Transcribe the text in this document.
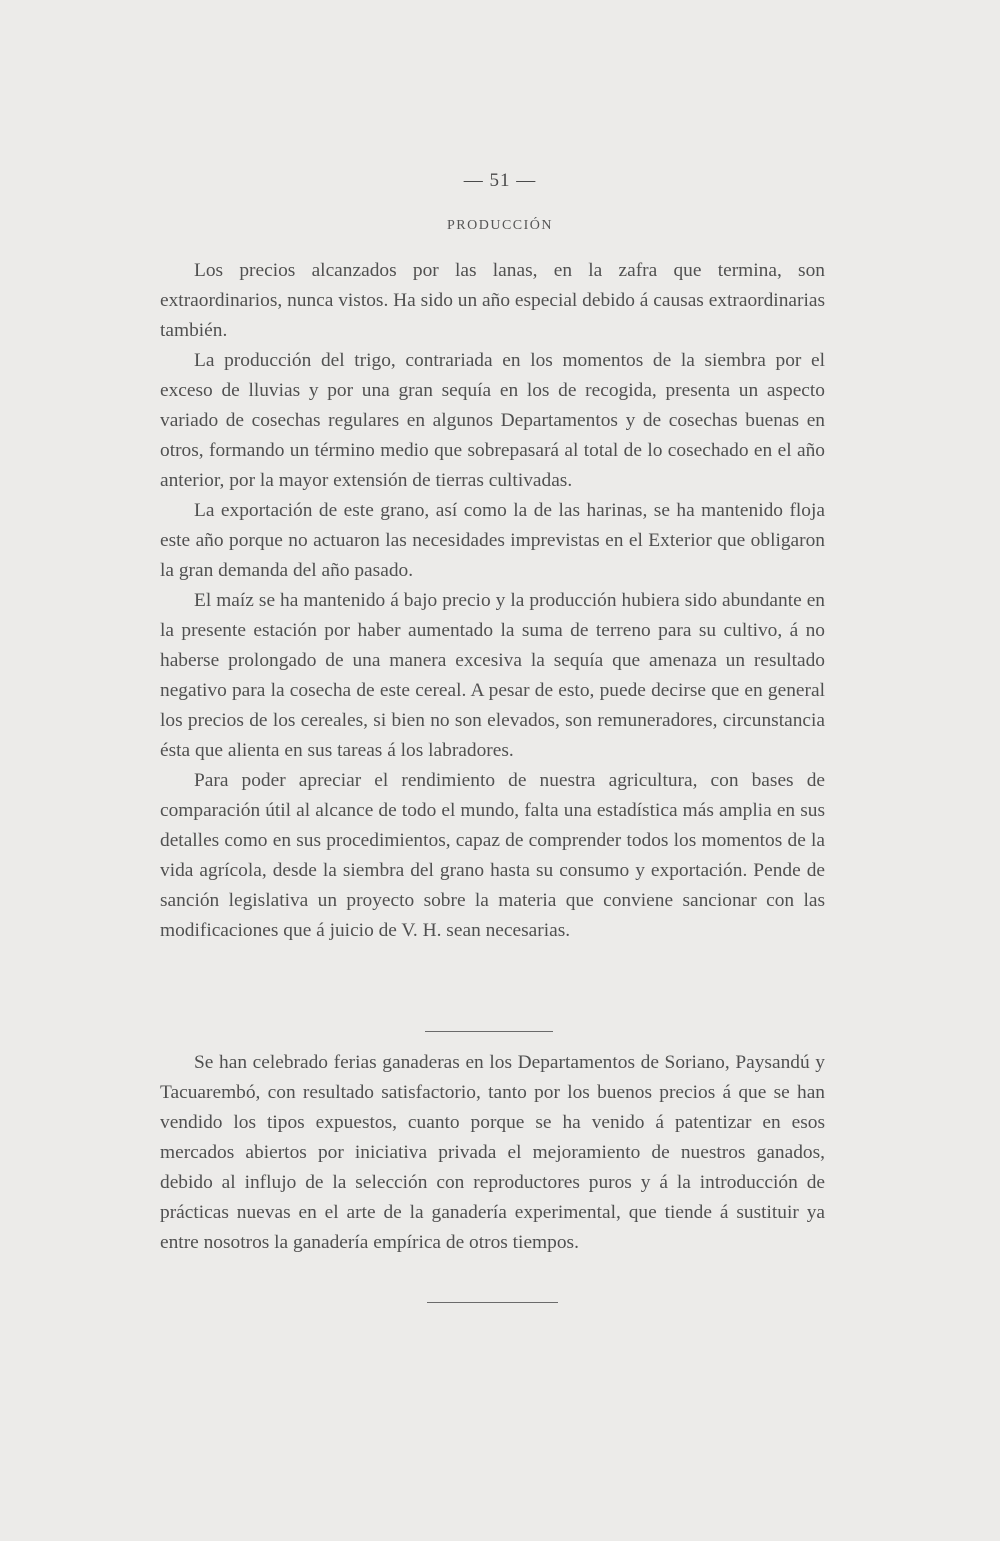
— 51 —
PRODUCCIÓN

Los precios alcanzados por las lanas, en la zafra que termina, son extraordinarios, nunca vistos. Ha sido un año especial debido á causas extraordinarias también.

La producción del trigo, contrariada en los momentos de la siembra por el exceso de lluvias y por una gran sequía en los de recogida, presenta un aspecto variado de cosechas regulares en algunos Departamentos y de cosechas buenas en otros, formando un término medio que sobrepasará al total de lo cosechado en el año anterior, por la mayor extensión de tierras cultivadas.

La exportación de este grano, así como la de las harinas, se ha mantenido floja este año porque no actuaron las necesidades imprevistas en el Exterior que obligaron la gran demanda del año pasado.

El maíz se ha mantenido á bajo precio y la producción hubiera sido abundante en la presente estación por haber aumentado la suma de terreno para su cultivo, á no haberse prolongado de una manera excesiva la sequía que amenaza un resultado negativo para la cosecha de este cereal. A pesar de esto, puede decirse que en general los precios de los cereales, si bien no son elevados, son remuneradores, circunstancia ésta que alienta en sus tareas á los labradores.

Para poder apreciar el rendimiento de nuestra agricultura, con bases de comparación útil al alcance de todo el mundo, falta una estadística más amplia en sus detalles como en sus procedimientos, capaz de comprender todos los momentos de la vida agrícola, desde la siembra del grano hasta su consumo y exportación. Pende de sanción legislativa un proyecto sobre la materia que conviene sancionar con las modificaciones que á juicio de V. H. sean necesarias.

Se han celebrado ferias ganaderas en los Departamentos de Soriano, Paysandú y Tacuarembó, con resultado satisfactorio, tanto por los buenos precios á que se han vendido los tipos expuestos, cuanto porque se ha venido á patentizar en esos mercados abiertos por iniciativa privada el mejoramiento de nuestros ganados, debido al influjo de la selección con reproductores puros y á la introducción de prácticas nuevas en el arte de la ganadería experimental, que tiende á sustituir ya entre nosotros la ganadería empírica de otros tiempos.
